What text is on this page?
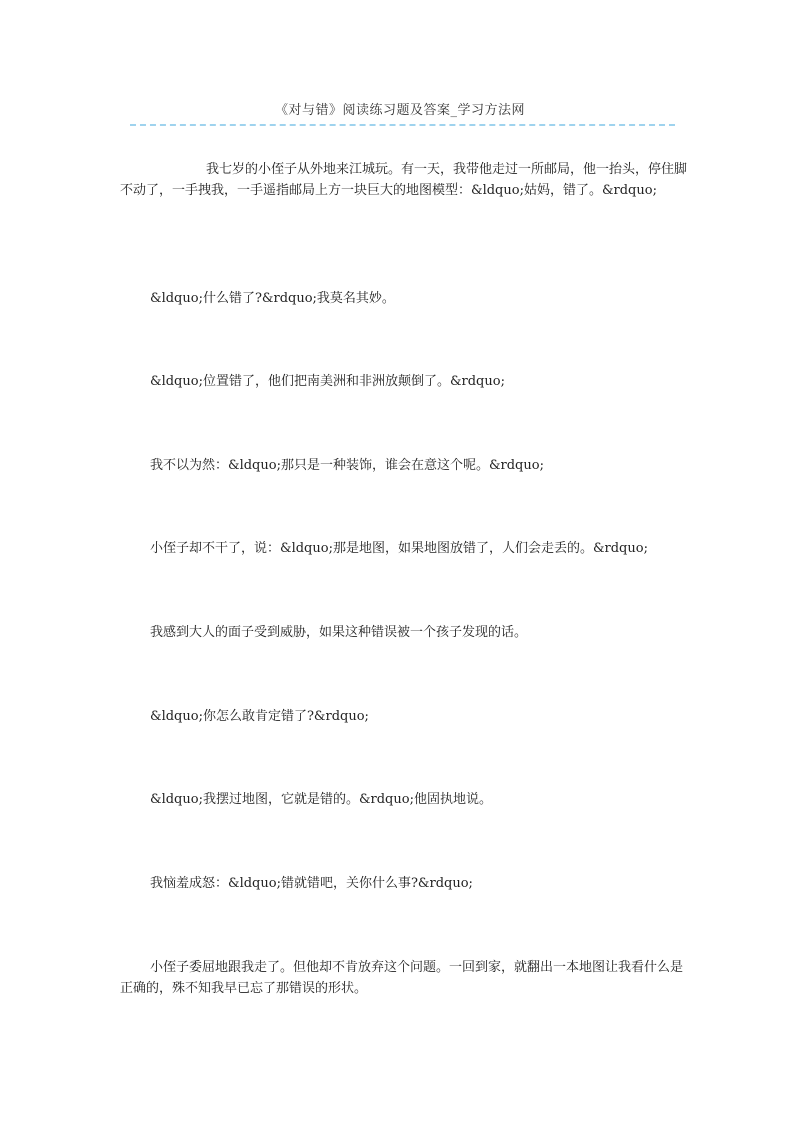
《对与错》阅读练习题及答案_学习方法网

我七岁的小侄子从外地来江城玩。有一天，我带他走过一所邮局，他一抬头，停住脚不动了，一手拽我，一手遥指邮局上方一块巨大的地图模型：&ldquo;姑妈，错了。&rdquo;

&ldquo;什么错了?&rdquo;我莫名其妙。

&ldquo;位置错了，他们把南美洲和非洲放颠倒了。&rdquo;

我不以为然：&ldquo;那只是一种装饰，谁会在意这个呢。&rdquo;

小侄子却不干了，说：&ldquo;那是地图，如果地图放错了，人们会走丢的。&rdquo;

我感到大人的面子受到威胁，如果这种错误被一个孩子发现的话。

&ldquo;你怎么敢肯定错了?&rdquo;

&ldquo;我摆过地图，它就是错的。&rdquo;他固执地说。

我恼羞成怒：&ldquo;错就错吧，关你什么事?&rdquo;

小侄子委屈地跟我走了。但他却不肯放弃这个问题。一回到家，就翻出一本地图让我看什么是正确的，殊不知我早已忘了那错误的形状。
